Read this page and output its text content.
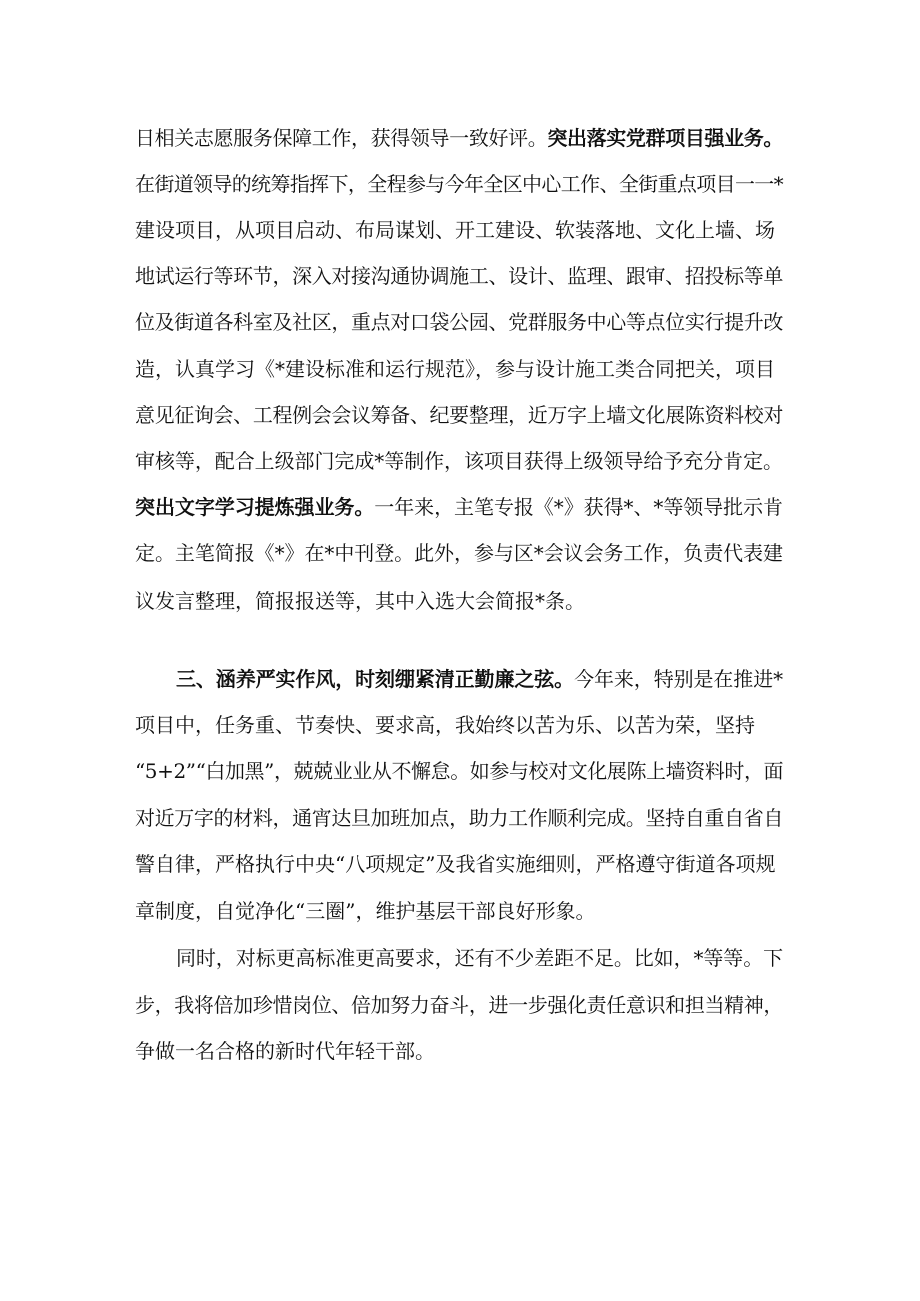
日相关志愿服务保障工作，获得领导一致好评。突出落实党群项目强业务。
在街道领导的统筹指挥下，全程参与今年全区中心工作、全街重点项目一一*
建设项目，从项目启动、布局谋划、开工建设、软装落地、文化上墙、场
地试运行等环节，深入对接沟通协调施工、设计、监理、跟审、招投标等单
位及街道各科室及社区，重点对口袋公园、党群服务中心等点位实行提升改
造，认真学习《*建设标准和运行规范》，参与设计施工类合同把关，项目
意见征询会、工程例会会议筹备、纪要整理，近万字上墙文化展陈资料校对
审核等，配合上级部门完成*等制作，该项目获得上级领导给予充分肯定。
突出文字学习提炼强业务。一年来，主笔专报《*》获得*、*等领导批示肯
定。主笔简报《*》在*中刊登。此外，参与区*会议会务工作，负责代表建
议发言整理，简报报送等，其中入选大会简报*条。
三、涵养严实作风，时刻绷紧清正勤廉之弦。今年来，特别是在推进*
项目中，任务重、节奏快、要求高，我始终以苦为乐、以苦为荣，坚持
“5+2”“白加黑”，兢兢业业从不懈怠。如参与校对文化展陈上墙资料时，面
对近万字的材料，通宵达旦加班加点，助力工作顺利完成。坚持自重自省自
警自律，严格执行中央“八项规定”及我省实施细则，严格遵守街道各项规
章制度，自觉净化“三圈”，维护基层干部良好形象。
同时，对标更高标准更高要求，还有不少差距不足。比如，*等等。下
步，我将倍加珍惜岗位、倍加努力奋斗，进一步强化责任意识和担当精神，
争做一名合格的新时代年轻干部。
